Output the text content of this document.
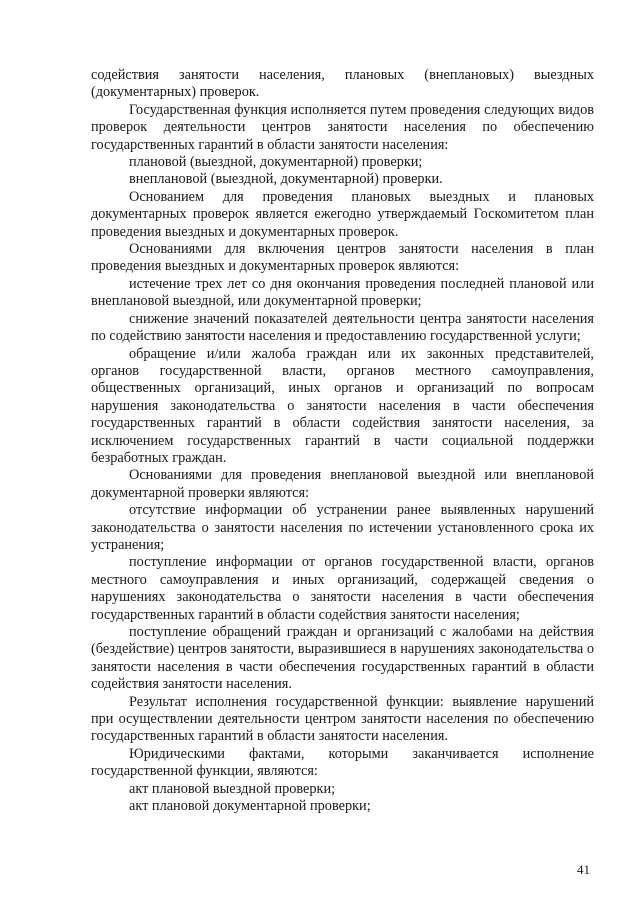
содействия занятости населения, плановых (внеплановых) выездных (документарных) проверок.

Государственная функция исполняется путем проведения следующих видов проверок деятельности центров занятости населения по обеспечению государственных гарантий в области занятости населения:

плановой (выездной, документарной) проверки;

внеплановой (выездной, документарной) проверки.

Основанием для проведения плановых выездных и плановых документарных проверок является ежегодно утверждаемый Госкомитетом план проведения выездных и документарных проверок.

Основаниями для включения центров занятости населения в план проведения выездных и документарных проверок являются:

истечение трех лет со дня окончания проведения последней плановой или внеплановой выездной, или документарной проверки;

снижение значений показателей деятельности центра занятости населения по содействию занятости населения и предоставлению государственной услуги;

обращение и/или жалоба граждан или их законных представителей, органов государственной власти, органов местного самоуправления, общественных организаций, иных органов и организаций по вопросам нарушения законодательства о занятости населения в части обеспечения государственных гарантий в области содействия занятости населения, за исключением государственных гарантий в части социальной поддержки безработных граждан.

Основаниями для проведения внеплановой выездной или внеплановой документарной проверки являются:

отсутствие информации об устранении ранее выявленных нарушений законодательства о занятости населения по истечении установленного срока их устранения;

поступление информации от органов государственной власти, органов местного самоуправления и иных организаций, содержащей сведения о нарушениях законодательства о занятости населения в части обеспечения государственных гарантий в области содействия занятости населения;

поступление обращений граждан и организаций с жалобами на действия (бездействие) центров занятости, выразившиеся в нарушениях законодательства о занятости населения в части обеспечения государственных гарантий в области содействия занятости населения.

Результат исполнения государственной функции: выявление нарушений при осуществлении деятельности центром занятости населения по обеспечению государственных гарантий в области занятости населения.

Юридическими фактами, которыми заканчивается исполнение государственной функции, являются:

акт плановой выездной проверки;

акт плановой документарной проверки;

41
